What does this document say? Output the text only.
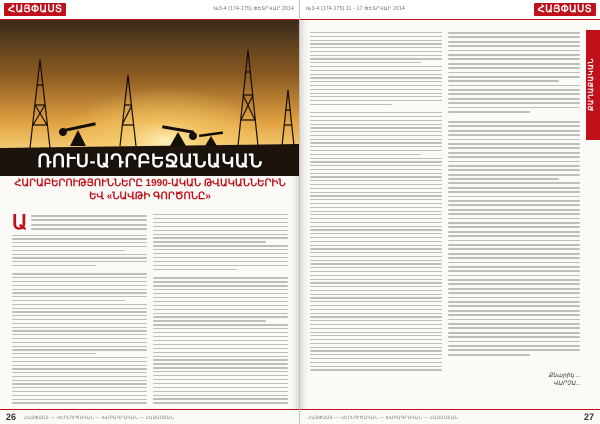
ՀԱՅՓԱՍՏ	№3-4 (174-175) ՓԵՏՐՎԱՐ 2014
ՌՈՒՍ-ԱԴՐԲԵՋԱՆԱԿԱՆ
ՀԱՐԱԲԵՐՈՒԹՅՈՒՆՆԵՐԸ 1990-ԱԿԱՆ ԹՎԱԿԱՆՆԵՐԻՆ
ԵՎ «ՆԱՎԹԻ ԳՈՐԾՈՆԸ»
Ա
26 ՀԱՅՓԱՍՏ — ՎԵՐԼՈՒԾԱԿԱՆ — ԽՄԲԱԳՐԱԿԱՆ — ՀԱՅԱՍՏԱՆ
№3-4 (174-175) 11 - 17 ՓԵՏՐՎԱՐ 2014	ՀԱՅՓԱՍՏ
ՔԱՂԱՔԱԿԱՆ
Քնարիկ ...
ՎԱՐՉԱ...
ՀԱՅՓԱՍՏ — ՎԵՐԼՈՒԾԱԿԱՆ — ԽՄԲԱԳՐԱԿԱՆ — ՀԱՅԱՍՏԱՆ	27
